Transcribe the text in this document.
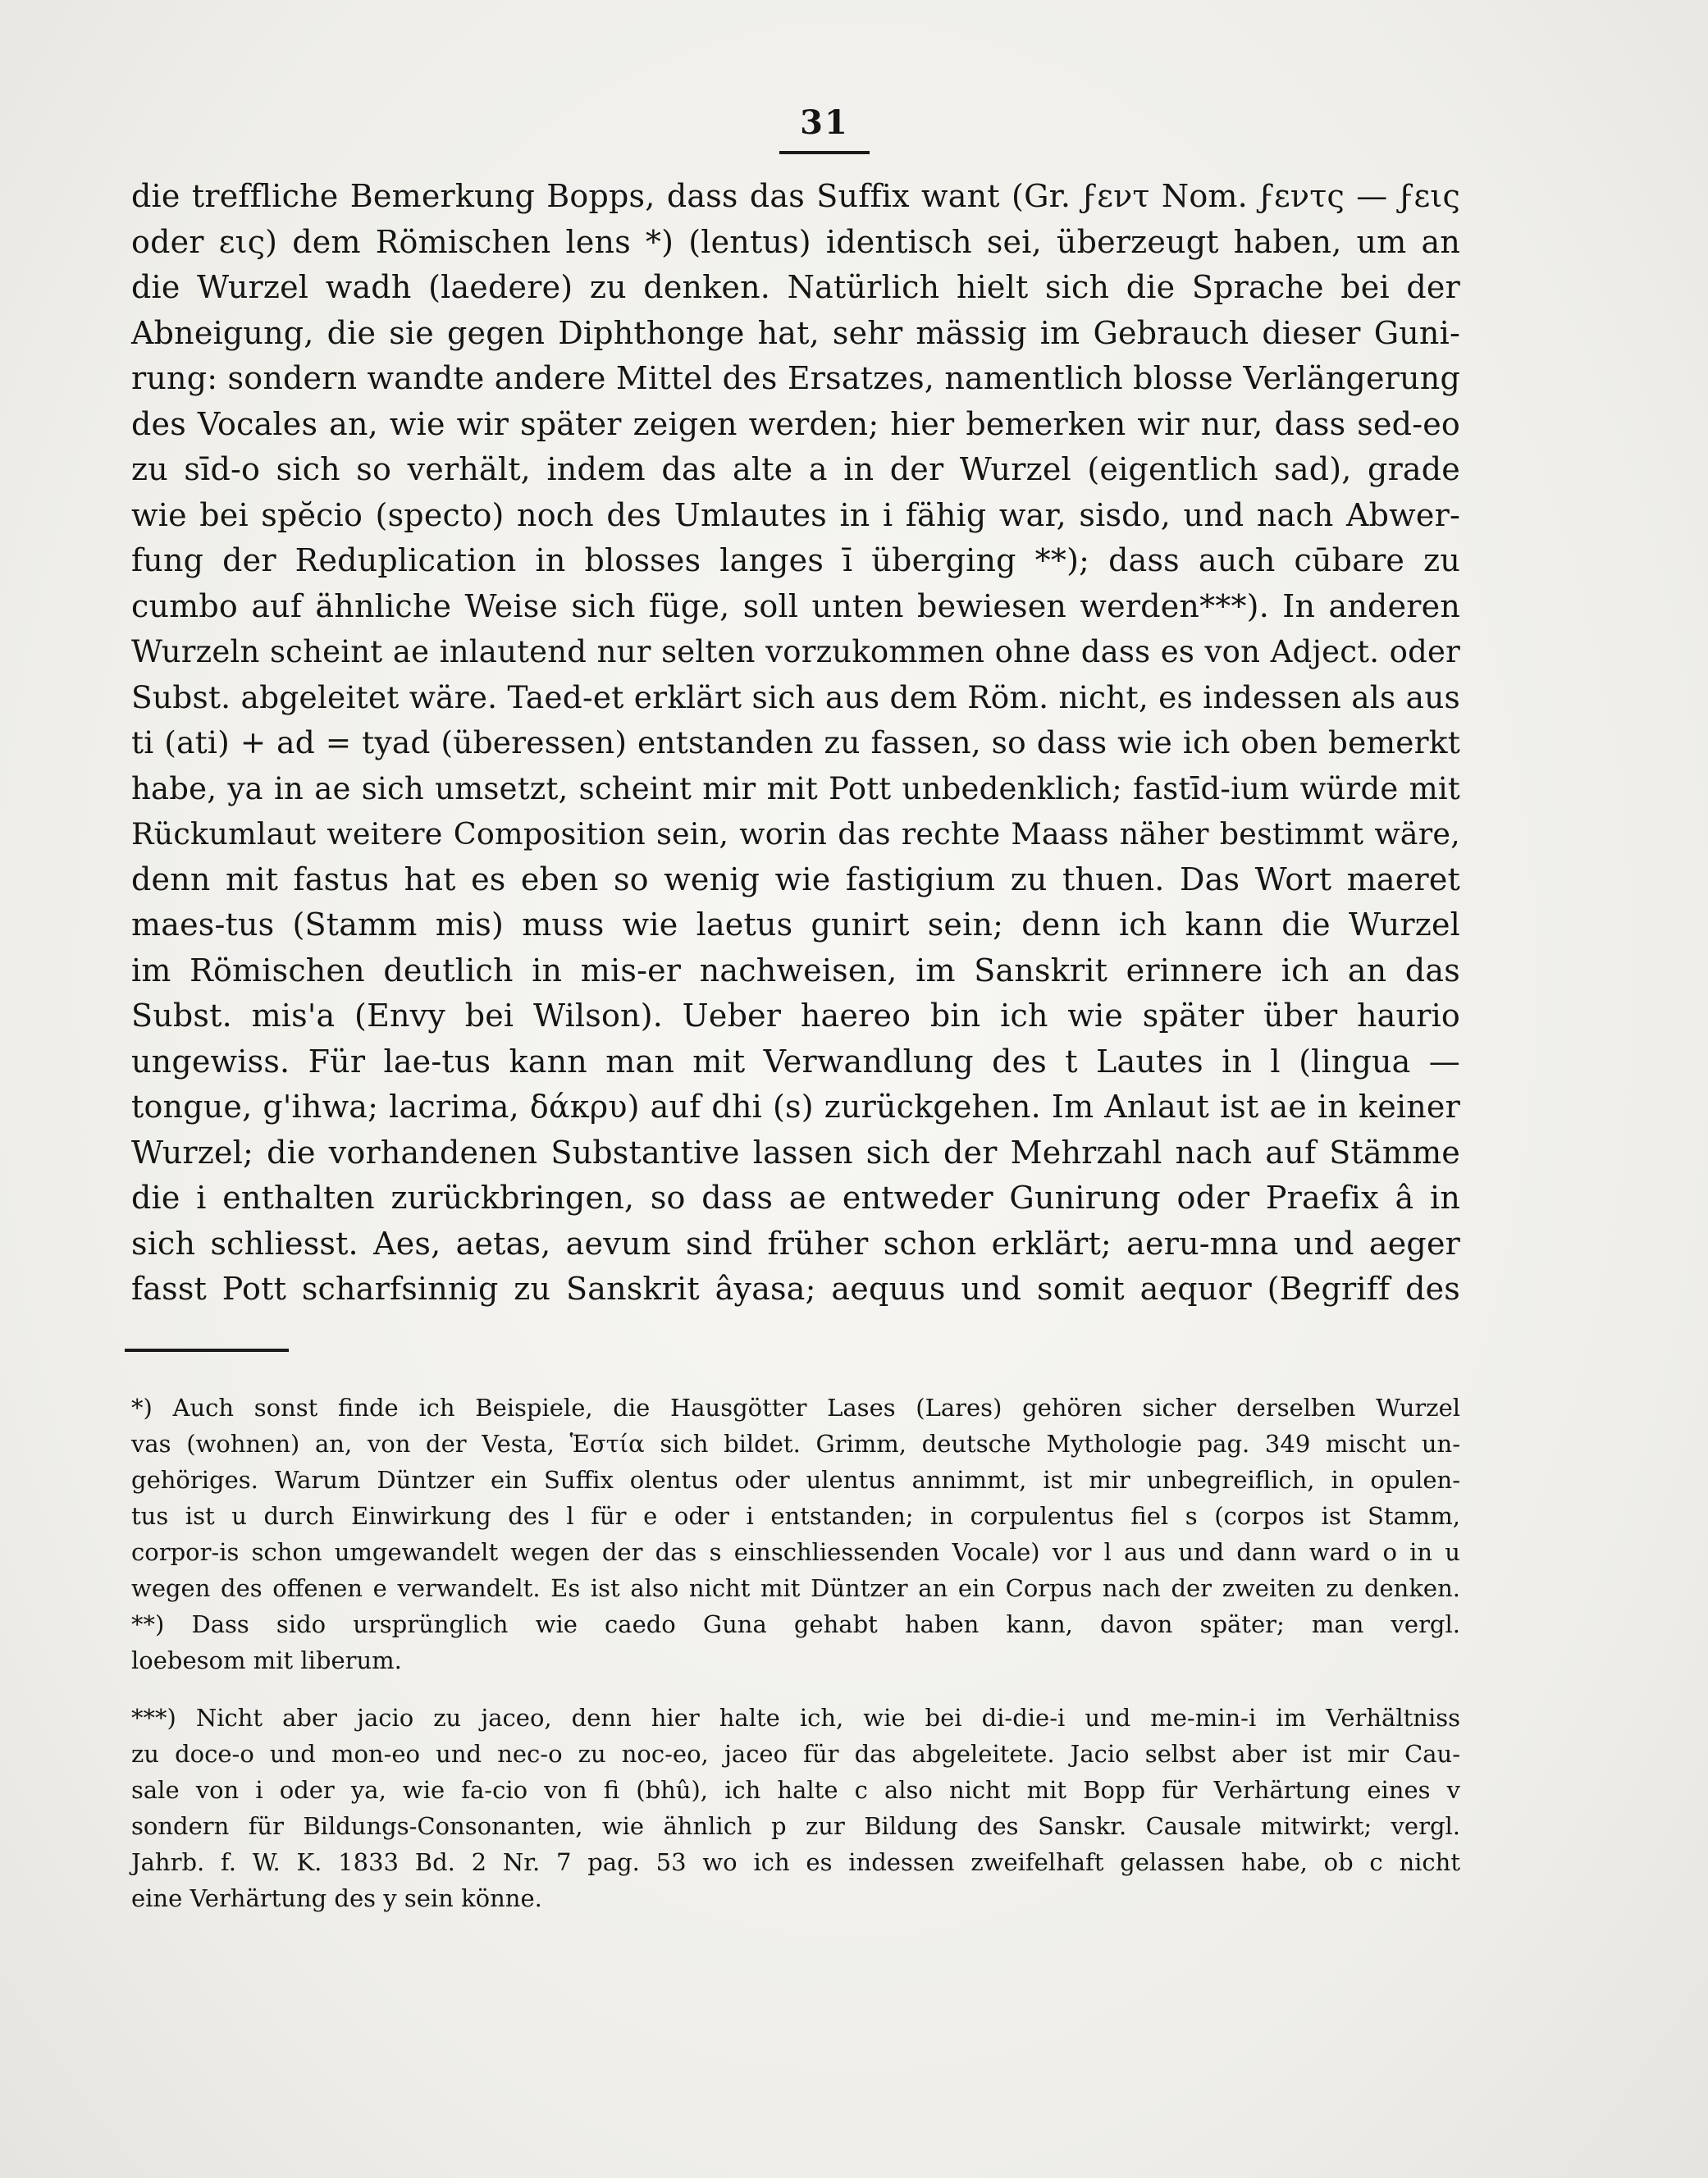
31
die treffliche Bemerkung Bopps, dass das Suffix want (Gr. ϝεντ Nom. ϝεντς — ϝεις
oder εις) dem Römischen lens *) (lentus) identisch sei, überzeugt haben, um an
die Wurzel wadh (laedere) zu denken. Natürlich hielt sich die Sprache bei der
Abneigung, die sie gegen Diphthonge hat, sehr mässig im Gebrauch dieser Guni-
rung: sondern wandte andere Mittel des Ersatzes, namentlich blosse Verlängerung
des Vocales an, wie wir später zeigen werden; hier bemerken wir nur, dass sed-eo
zu sīd-o sich so verhält, indem das alte a in der Wurzel (eigentlich sad), grade
wie bei spĕcio (specto) noch des Umlautes in i fähig war, sisdo, und nach Abwer-
fung der Reduplication in blosses langes ī überging **); dass auch cūbare zu
cumbo auf ähnliche Weise sich füge, soll unten bewiesen werden***). In anderen
Wurzeln scheint ae inlautend nur selten vorzukommen ohne dass es von Adject. oder
Subst. abgeleitet wäre. Taed-et erklärt sich aus dem Röm. nicht, es indessen als aus
ti (ati) + ad = tyad (überessen) entstanden zu fassen, so dass wie ich oben bemerkt
habe, ya in ae sich umsetzt, scheint mir mit Pott unbedenklich; fastīd-ium würde mit
Rückumlaut weitere Composition sein, worin das rechte Maass näher bestimmt wäre,
denn mit fastus hat es eben so wenig wie fastigium zu thuen. Das Wort maeret
maes-tus (Stamm mis) muss wie laetus gunirt sein; denn ich kann die Wurzel
im Römischen deutlich in mis-er nachweisen, im Sanskrit erinnere ich an das
Subst. mis'a (Envy bei Wilson). Ueber haereo bin ich wie später über haurio
ungewiss. Für lae-tus kann man mit Verwandlung des t Lautes in l (lingua —
tongue, g'ihwa; lacrima, δάκρυ) auf dhi (s) zurückgehen. Im Anlaut ist ae in keiner
Wurzel; die vorhandenen Substantive lassen sich der Mehrzahl nach auf Stämme
die i enthalten zurückbringen, so dass ae entweder Gunirung oder Praefix â in
sich schliesst. Aes, aetas, aevum sind früher schon erklärt; aeru-mna und aeger
fasst Pott scharfsinnig zu Sanskrit âyasa; aequus und somit aequor (Begriff des
*) Auch sonst finde ich Beispiele, die Hausgötter Lases (Lares) gehören sicher derselben Wurzel
vas (wohnen) an, von der Vesta, Ἑστία sich bildet. Grimm, deutsche Mythologie pag. 349 mischt un-
gehöriges. Warum Düntzer ein Suffix olentus oder ulentus annimmt, ist mir unbegreiflich, in opulen-
tus ist u durch Einwirkung des l für e oder i entstanden; in corpulentus fiel s (corpos ist Stamm,
corpor-is schon umgewandelt wegen der das s einschliessenden Vocale) vor l aus und dann ward o in u
wegen des offenen e verwandelt. Es ist also nicht mit Düntzer an ein Corpus nach der zweiten zu denken.
**) Dass sido ursprünglich wie caedo Guna gehabt haben kann, davon später; man vergl.
loebesom mit liberum.
***) Nicht aber jacio zu jaceo, denn hier halte ich, wie bei di-die-i und me-min-i im Verhältniss
zu doce-o und mon-eo und nec-o zu noc-eo, jaceo für das abgeleitete. Jacio selbst aber ist mir Cau-
sale von i oder ya, wie fa-cio von fi (bhû), ich halte c also nicht mit Bopp für Verhärtung eines v
sondern für Bildungs-Consonanten, wie ähnlich p zur Bildung des Sanskr. Causale mitwirkt; vergl.
Jahrb. f. W. K. 1833 Bd. 2 Nr. 7 pag. 53 wo ich es indessen zweifelhaft gelassen habe, ob c nicht
eine Verhärtung des y sein könne.
